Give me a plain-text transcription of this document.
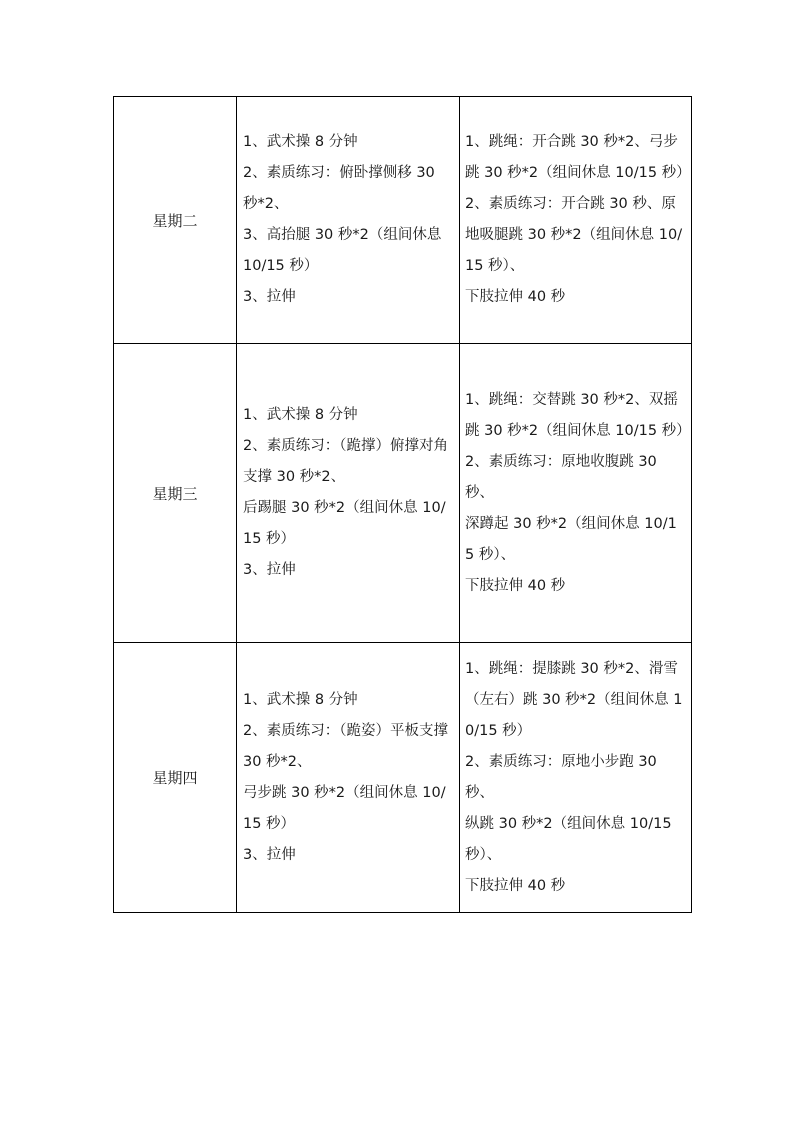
星期二	1、武术操 8 分钟
2、素质练习：俯卧撑侧移 30 秒*2、
3、高抬腿 30 秒*2（组间休息 10/15 秒）
3、拉伸	1、跳绳：开合跳 30 秒*2、弓步跳 30 秒*2（组间休息 10/15 秒）
2、素质练习：开合跳 30 秒、原地吸腿跳 30 秒*2（组间休息 10/15 秒）、
下肢拉伸 40 秒

星期三	1、武术操 8 分钟
2、素质练习：（跪撑）俯撑对角支撑 30 秒*2、
后踢腿 30 秒*2（组间休息 10/15 秒）
3、拉伸	1、跳绳：交替跳 30 秒*2、双摇跳 30 秒*2（组间休息 10/15 秒）
2、素质练习：原地收腹跳 30 秒、
深蹲起 30 秒*2（组间休息 10/15 秒）、
下肢拉伸 40 秒

星期四	1、武术操 8 分钟
2、素质练习：（跪姿）平板支撑 30 秒*2、
弓步跳 30 秒*2（组间休息 10/15 秒）
3、拉伸	1、跳绳：提膝跳 30 秒*2、滑雪（左右）跳 30 秒*2（组间休息 10/15 秒）
2、素质练习：原地小步跑 30 秒、
纵跳 30 秒*2（组间休息 10/15 秒）、
下肢拉伸 40 秒
